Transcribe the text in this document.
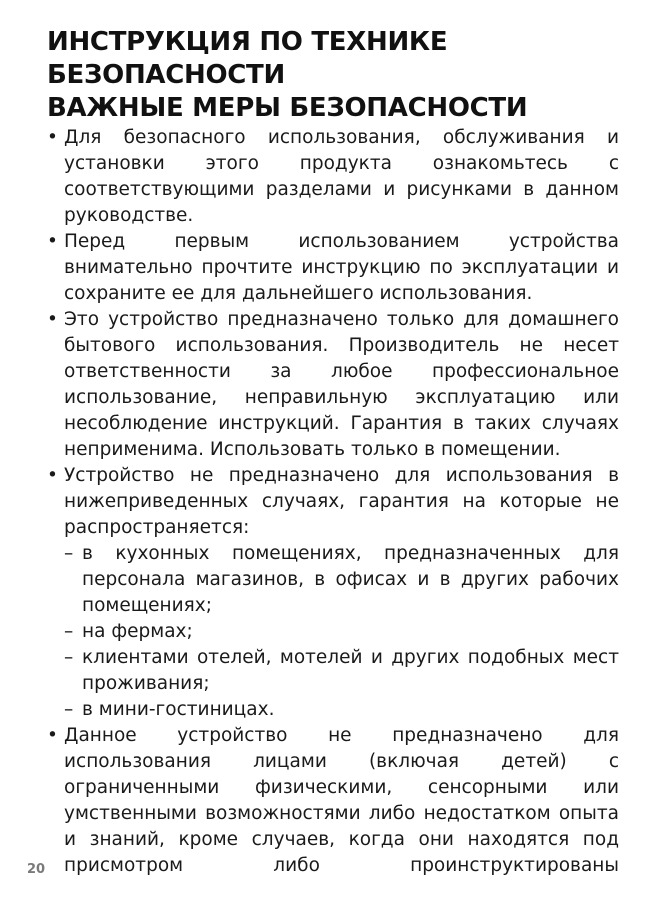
ИНСТРУКЦИЯ ПО ТЕХНИКЕ
БЕЗОПАСНОСТИ
ВАЖНЫЕ МЕРЫ БЕЗОПАСНОСТИ
• Для безопасного использования, обслуживания и установки этого продукта ознакомьтесь с соответствующими разделами и рисунками в данном руководстве.
• Перед первым использованием устройства внимательно прочтите инструкцию по эксплуатации и сохраните ее для дальнейшего использования.
• Это устройство предназначено только для домашнего бытового использования. Производитель не несет ответственности за любое профессиональное использование, неправильную эксплуатацию или несоблюдение инструкций. Гарантия в таких случаях неприменима. Использовать только в помещении.
• Устройство не предназначено для использования в нижеприведенных случаях, гарантия на которые не распространяется:
– в кухонных помещениях, предназначенных для персонала магазинов, в офисах и в других рабочих помещениях;
– на фермах;
– клиентами отелей, мотелей и других подобных мест проживания;
– в мини-гостиницах.
• Данное устройство не предназначено для использования лицами (включая детей) с ограниченными физическими, сенсорными или умственными возможностями либо недостатком опыта и знаний, кроме случаев, когда они находятся под присмотром либо проинструктированы
20
